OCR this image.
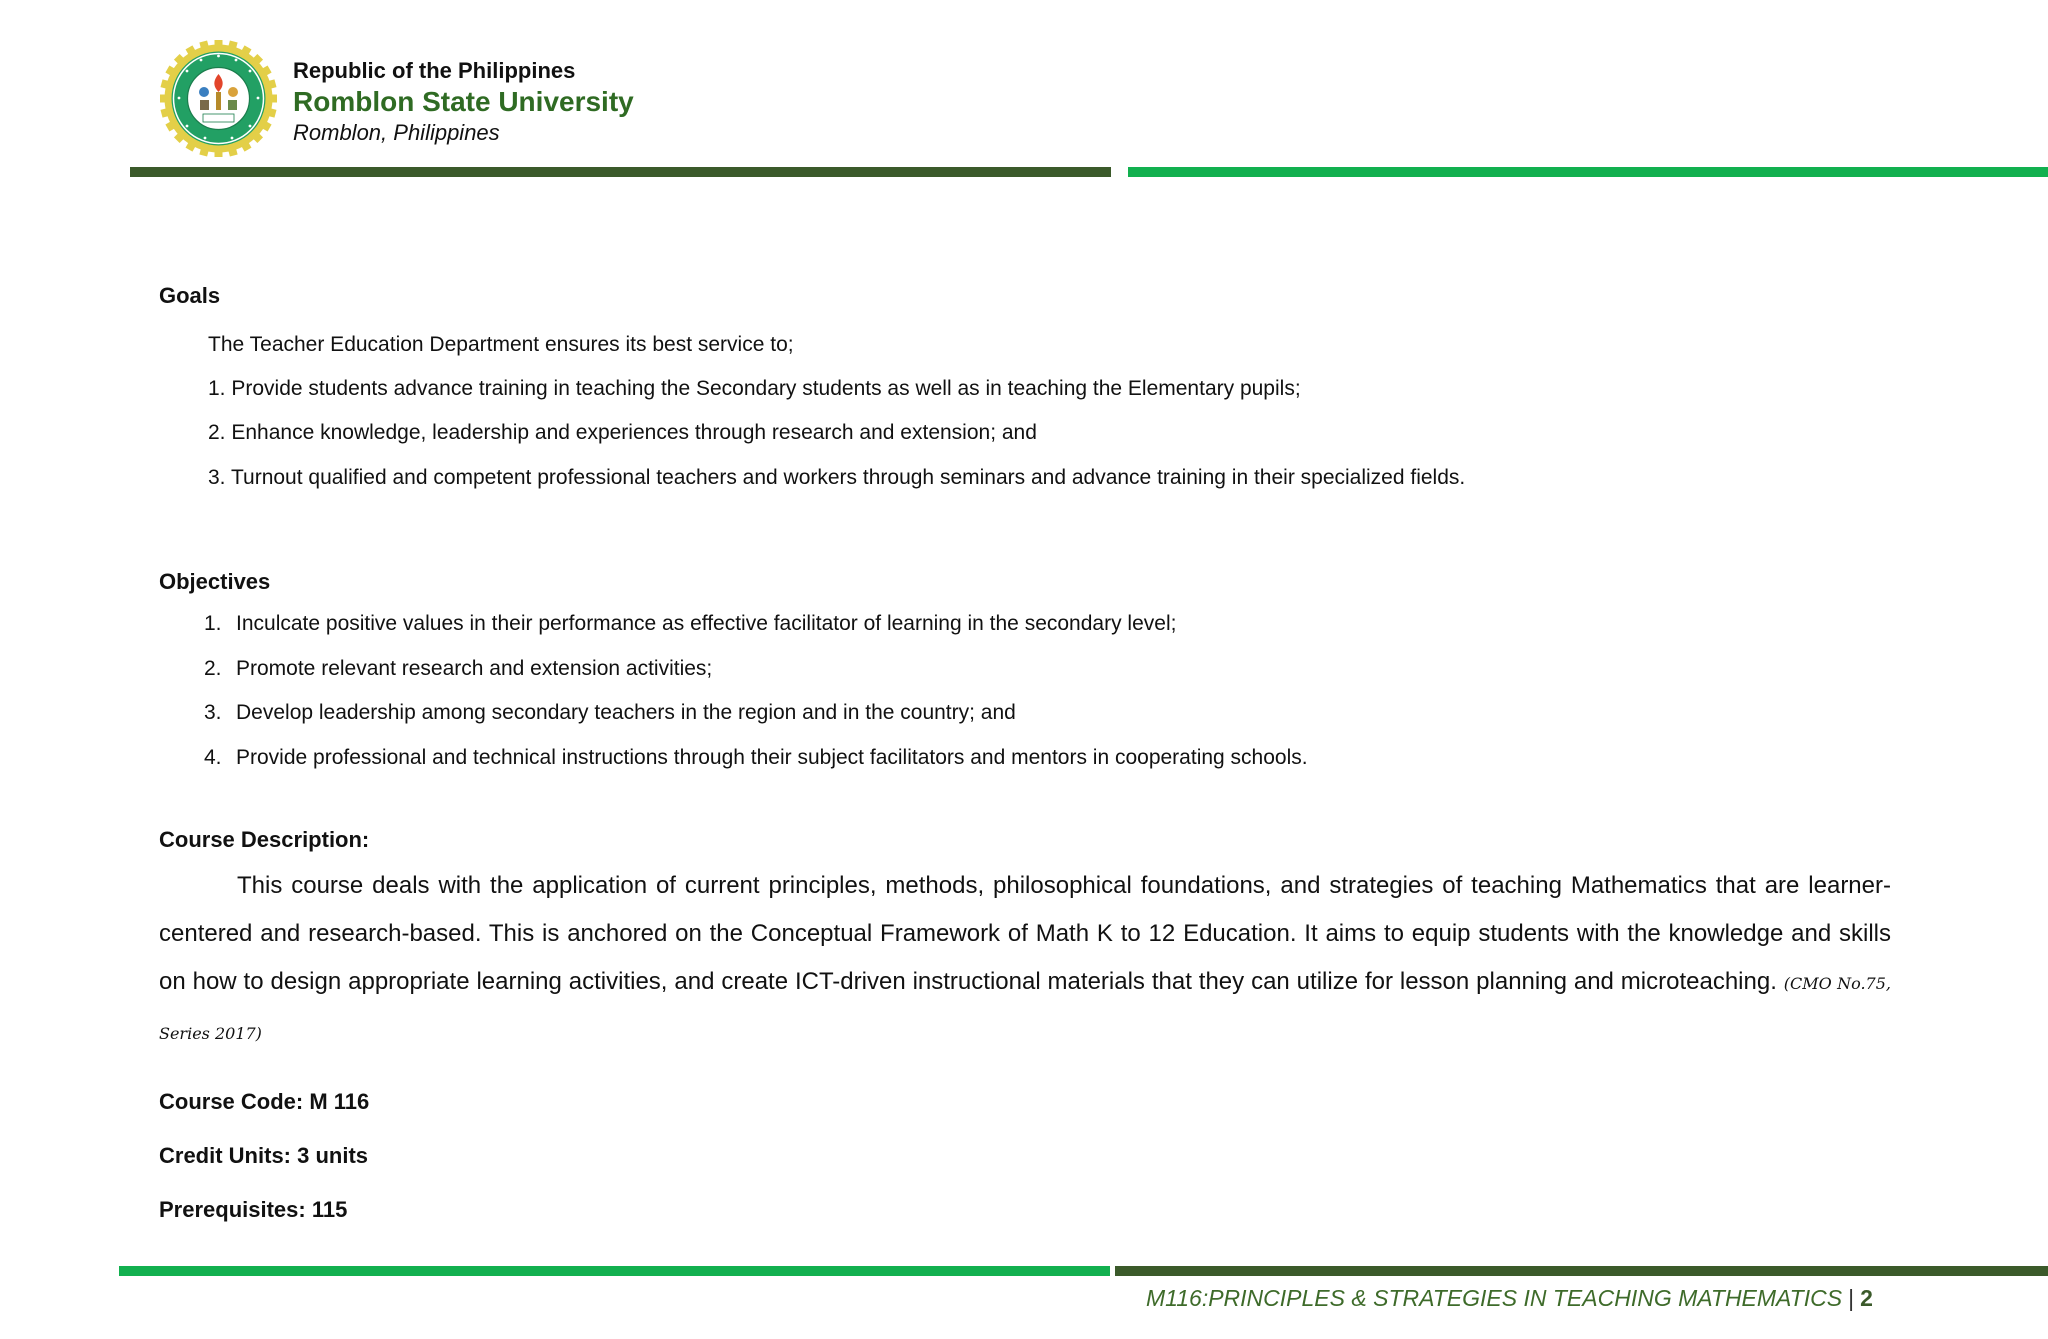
Republic of the Philippines
Romblon State University
Romblon, Philippines
Goals
The Teacher Education Department ensures its best service to;
1. Provide students advance training in teaching the Secondary students as well as in teaching the Elementary pupils;
2. Enhance knowledge, leadership and experiences through research and extension; and
3. Turnout qualified and competent professional teachers and workers through seminars and advance training in their specialized fields.
Objectives
1. Inculcate positive values in their performance as effective facilitator of learning in the secondary level;
2. Promote relevant research and extension activities;
3. Develop leadership among secondary teachers in the region and in the country; and
4. Provide professional and technical instructions through their subject facilitators and mentors in cooperating schools.
Course Description:
This course deals with the application of current principles, methods, philosophical foundations, and strategies of teaching Mathematics that are learner-centered and research-based. This is anchored on the Conceptual Framework of Math K to 12 Education. It aims to equip students with the knowledge and skills on how to design appropriate learning activities, and create ICT-driven instructional materials that they can utilize for lesson planning and microteaching. (CMO No.75, Series 2017)
Course Code: M 116
Credit Units: 3 units
Prerequisites: 115
M116:PRINCIPLES & STRATEGIES IN TEACHING MATHEMATICS | 2
